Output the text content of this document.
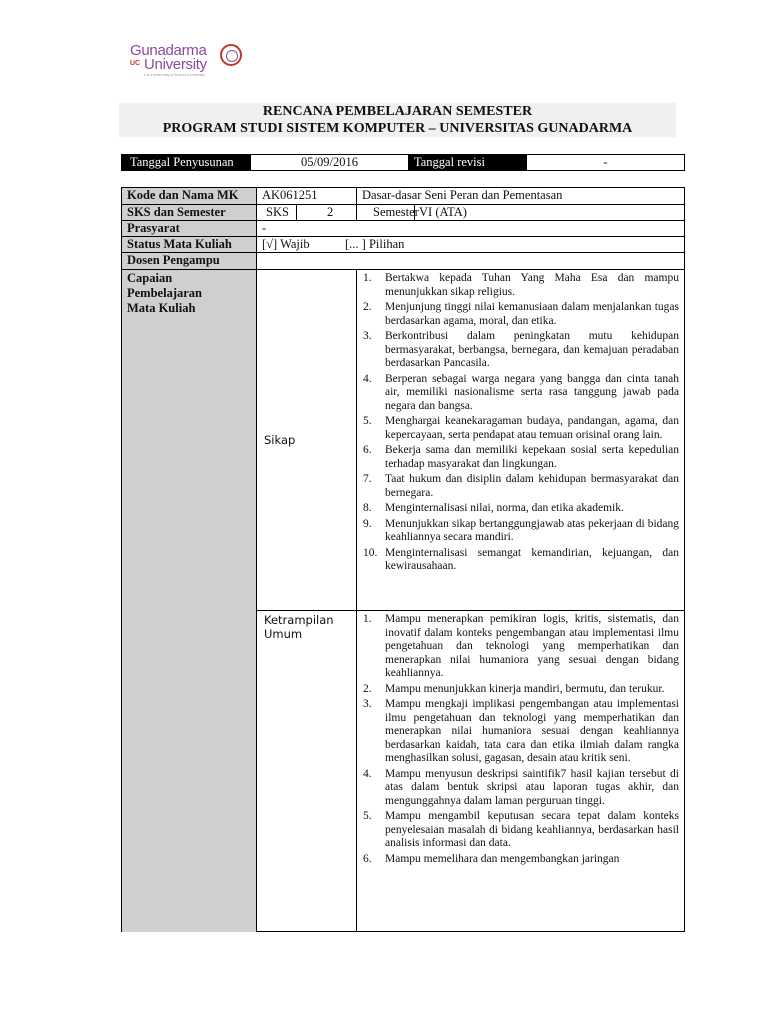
Gunadarma
UC University
it is a better way to think as a university
RENCANA PEMBELAJARAN SEMESTER
PROGRAM STUDI SISTEM KOMPUTER – UNIVERSITAS GUNADARMA
Tanggal Penyusunan	05/09/2016	Tanggal revisi	-
Kode dan Nama MK	AK061251	Dasar-dasar Seni Peran dan Pementasan
SKS dan Semester	SKS	2	Semester VI (ATA)
Prasyarat	-
Status Mata Kuliah	[√] Wajib	[... ] Pilihan
Dosen Pengampu
Capaian Pembelajaran Mata Kuliah
Sikap
1.	Bertakwa kepada Tuhan Yang Maha Esa dan mampu menunjukkan sikap religius.
2.	Menjunjung tinggi nilai kemanusiaan dalam menjalankan tugas berdasarkan agama, moral, dan etika.
3.	Berkontribusi dalam peningkatan mutu kehidupan bermasyarakat, berbangsa, bernegara, dan kemajuan peradaban berdasarkan Pancasila.
4.	Berperan sebagai warga negara yang bangga dan cinta tanah air, memiliki nasionalisme serta rasa tanggung jawab pada negara dan bangsa.
5.	Menghargai keanekaragaman budaya, pandangan, agama, dan kepercayaan, serta pendapat atau temuan orisinal orang lain.
6.	Bekerja sama dan memiliki kepekaan sosial serta kepedulian terhadap masyarakat dan lingkungan.
7.	Taat hukum dan disiplin dalam kehidupan bermasyarakat dan bernegara.
8.	Menginternalisasi nilai, norma, dan etika akademik.
9.	Menunjukkan sikap bertanggungjawab atas pekerjaan di bidang keahliannya secara mandiri.
10. Menginternalisasi semangat kemandirian, kejuangan, dan kewirausahaan.
Ketrampilan Umum
1.	Mampu menerapkan pemikiran logis, kritis, sistematis, dan inovatif dalam konteks pengembangan atau implementasi ilmu pengetahuan dan teknologi yang memperhatikan dan menerapkan nilai humaniora yang sesuai dengan bidang keahliannya.
2.	Mampu menunjukkan kinerja mandiri, bermutu, dan terukur.
3.	Mampu mengkaji implikasi pengembangan atau implementasi ilmu pengetahuan dan teknologi yang memperhatikan dan menerapkan nilai humaniora sesuai dengan keahliannya berdasarkan kaidah, tata cara dan etika ilmiah dalam rangka menghasilkan solusi, gagasan, desain atau kritik seni.
4.	Mampu menyusun deskripsi saintifik7 hasil kajian tersebut di atas dalam bentuk skripsi atau laporan tugas akhir, dan mengunggahnya dalam laman perguruan tinggi.
5.	Mampu mengambil keputusan secara tepat dalam konteks penyelesaian masalah di bidang keahliannya, berdasarkan hasil analisis informasi dan data.
6.	Mampu memelihara dan mengembangkan jaringan
